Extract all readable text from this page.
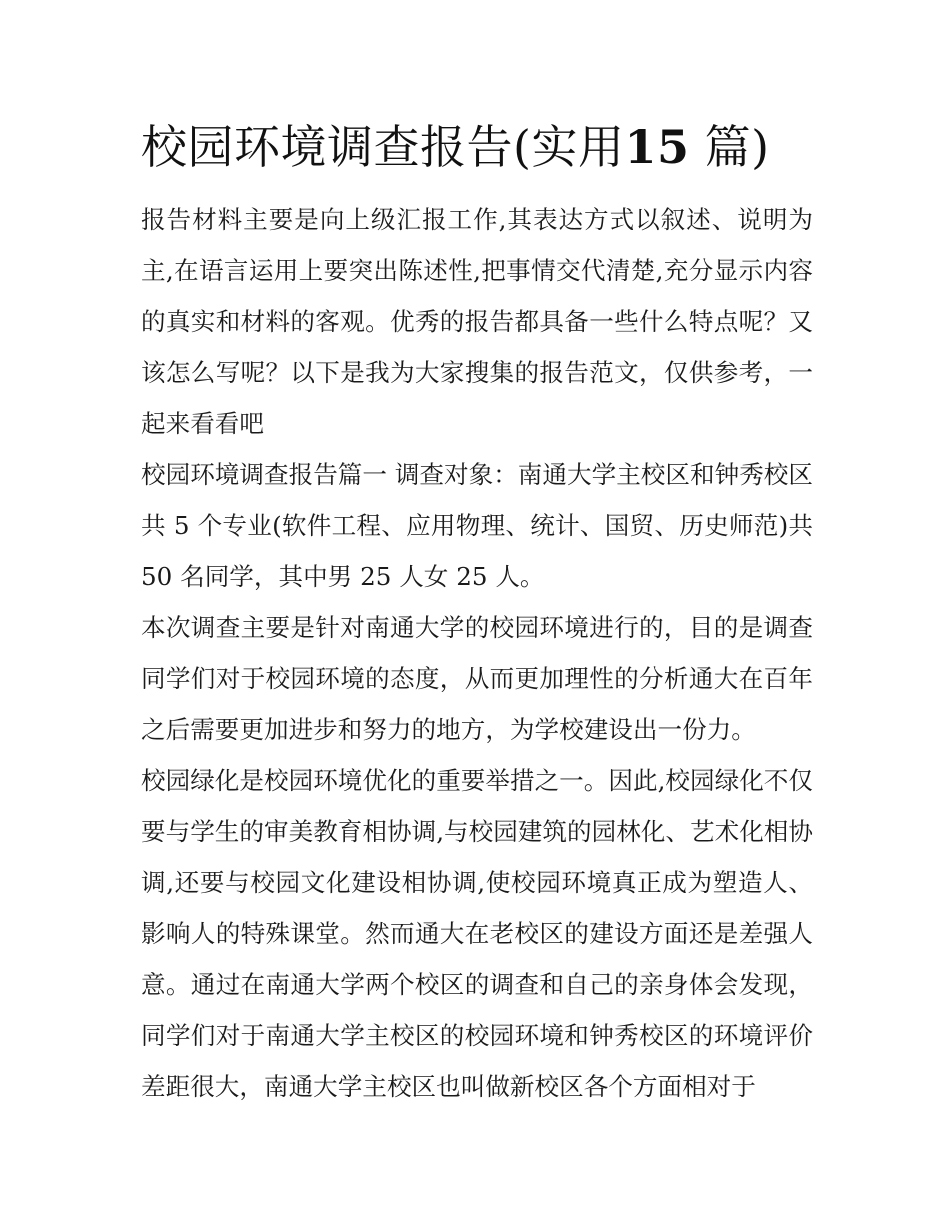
校园环境调查报告(实用15 篇)

报告材料主要是向上级汇报工作,其表达方式以叙述、说明为主,在语言运用上要突出陈述性,把事情交代清楚,充分显示内容的真实和材料的客观。优秀的报告都具备一些什么特点呢？又该怎么写呢？以下是我为大家搜集的报告范文，仅供参考，一起来看看吧

校园环境调查报告篇一 调查对象：南通大学主校区和钟秀校区共 5 个专业(软件工程、应用物理、统计、国贸、历史师范)共 50 名同学，其中男 25 人女 25 人。

本次调查主要是针对南通大学的校园环境进行的，目的是调查同学们对于校园环境的态度，从而更加理性的分析通大在百年之后需要更加进步和努力的地方，为学校建设出一份力。

校园绿化是校园环境优化的重要举措之一。因此,校园绿化不仅要与学生的审美教育相协调,与校园建筑的园林化、艺术化相协调,还要与校园文化建设相协调,使校园环境真正成为塑造人、影响人的特殊课堂。然而通大在老校区的建设方面还是差强人意。通过在南通大学两个校区的调查和自己的亲身体会发现，同学们对于南通大学主校区的校园环境和钟秀校区的环境评价差距很大，南通大学主校区也叫做新校区各个方面相对于
